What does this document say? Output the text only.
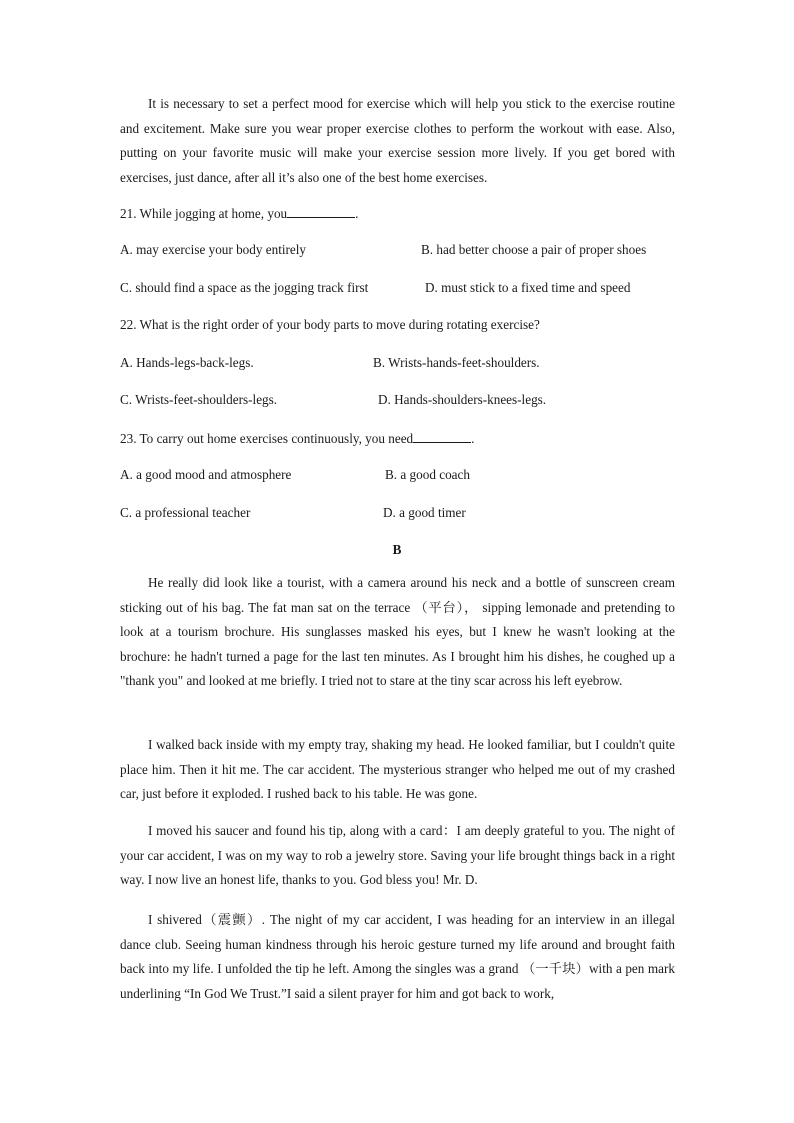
It is necessary to set a perfect mood for exercise which will help you stick to the exercise routine and excitement. Make sure you wear proper exercise clothes to perform the workout with ease. Also, putting on your favorite music will make your exercise session more lively. If you get bored with exercises, just dance, after all it’s also one of the best home exercises.

21. While jogging at home, you	.

A. may exercise your body entirely	B. had better choose a pair of proper shoes

C. should find a space as the jogging track first	D. must stick to a fixed time and speed

22. What is the right order of your body parts to move during rotating exercise?

A. Hands-legs-back-legs.	B. Wrists-hands-feet-shoulders.

C. Wrists-feet-shoulders-legs.	D. Hands-shoulders-knees-legs.

23. To carry out home exercises continuously, you need	.

A. a good mood and atmosphere	B. a good coach

C. a professional teacher	D. a good timer

B

He really did look like a tourist, with a camera around his neck and a bottle of sunscreen cream sticking out of his bag. The fat man sat on the terrace （平台）， sipping lemonade and pretending to look at a tourism brochure. His sunglasses masked his eyes, but I knew he wasn't looking at the brochure: he hadn't turned a page for the last ten minutes. As I brought him his dishes, he coughed up a "thank you" and looked at me briefly. I tried not to stare at the tiny scar across his left eyebrow.

I walked back inside with my empty tray, shaking my head. He looked familiar, but I couldn't quite place him. Then it hit me. The car accident. The mysterious stranger who helped me out of my crashed car, just before it exploded. I rushed back to his table. He was gone.

I moved his saucer and found his tip, along with a card：I am deeply grateful to you. The night of your car accident, I was on my way to rob a jewelry store. Saving your life brought things back in a right way. I now live an honest life, thanks to you. God bless you! Mr. D.

I shivered（震颤）. The night of my car accident, I was heading for an interview in an illegal dance club. Seeing human kindness through his heroic gesture turned my life around and brought faith back into my life. I unfolded the tip he left. Among the singles was a grand （一千块）with a pen mark underlining “In God We Trust.”I said a silent prayer for him and got back to work,
